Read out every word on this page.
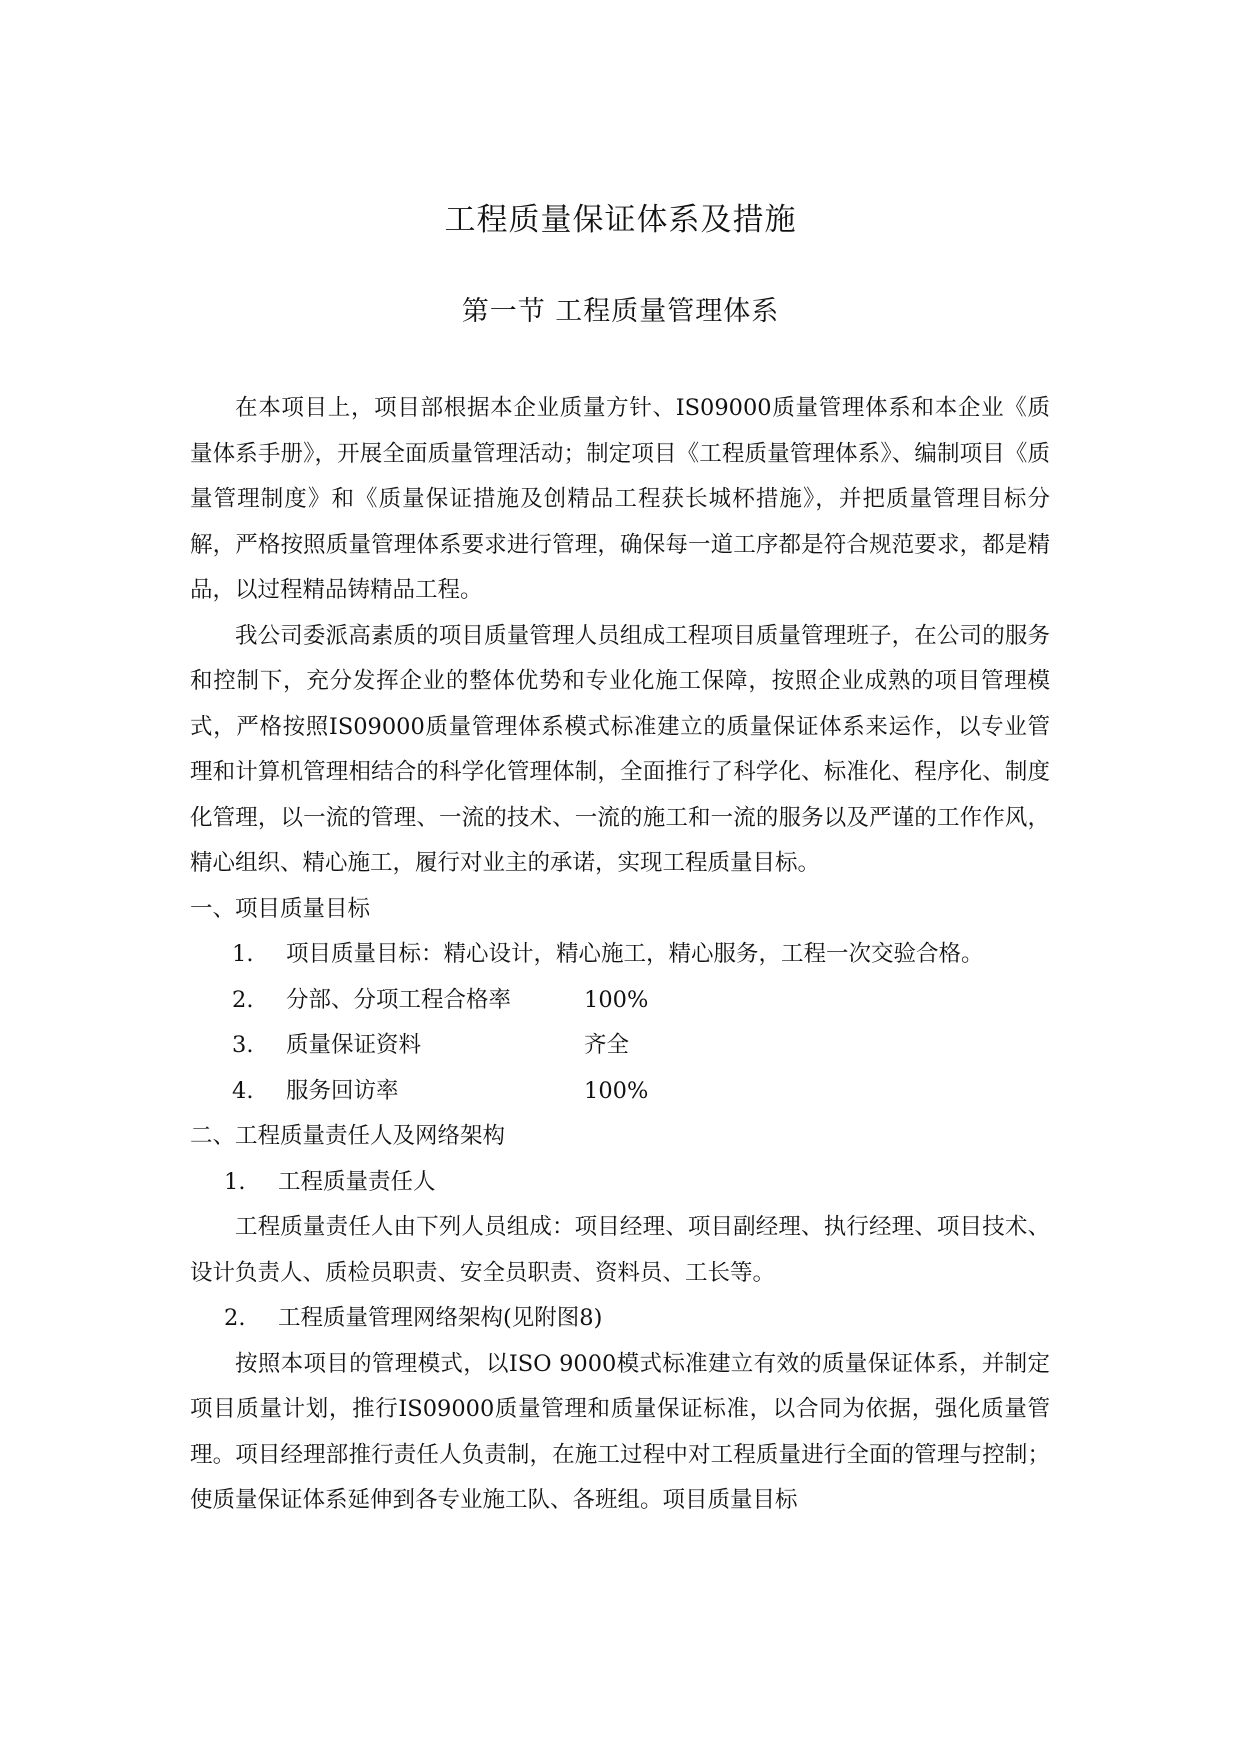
工程质量保证体系及措施
第一节 工程质量管理体系

在本项目上，项目部根据本企业质量方针、IS09000质量管理体系和本企业《质量体系手册》，开展全面质量管理活动；制定项目《工程质量管理体系》、编制项目《质量管理制度》和《质量保证措施及创精品工程获长城杯措施》，并把质量管理目标分解，严格按照质量管理体系要求进行管理，确保每一道工序都是符合规范要求，都是精品，以过程精品铸精品工程。

我公司委派高素质的项目质量管理人员组成工程项目质量管理班子，在公司的服务和控制下，充分发挥企业的整体优势和专业化施工保障，按照企业成熟的项目管理模式，严格按照IS09000质量管理体系模式标准建立的质量保证体系来运作，以专业管理和计算机管理相结合的科学化管理体制，全面推行了科学化、标准化、程序化、制度化管理，以一流的管理、一流的技术、一流的施工和一流的服务以及严谨的工作作风，精心组织、精心施工，履行对业主的承诺，实现工程质量目标。

一、项目质量目标

1.	项目质量目标：精心设计，精心施工，精心服务，工程一次交验合格。
2.	分部、分项工程合格率	100%
3.	质量保证资料	齐全
4.	服务回访率	100%

二、工程质量责任人及网络架构

1.	工程质量责任人

工程质量责任人由下列人员组成：项目经理、项目副经理、执行经理、项目技术、设计负责人、质检员职责、安全员职责、资料员、工长等。

2.	工程质量管理网络架构(见附图8)

按照本项目的管理模式，以ISO 9000模式标准建立有效的质量保证体系，并制定项目质量计划，推行IS09000质量管理和质量保证标准，以合同为依据，强化质量管理。项目经理部推行责任人负责制，在施工过程中对工程质量进行全面的管理与控制；使质量保证体系延伸到各专业施工队、各班组。项目质量目标
